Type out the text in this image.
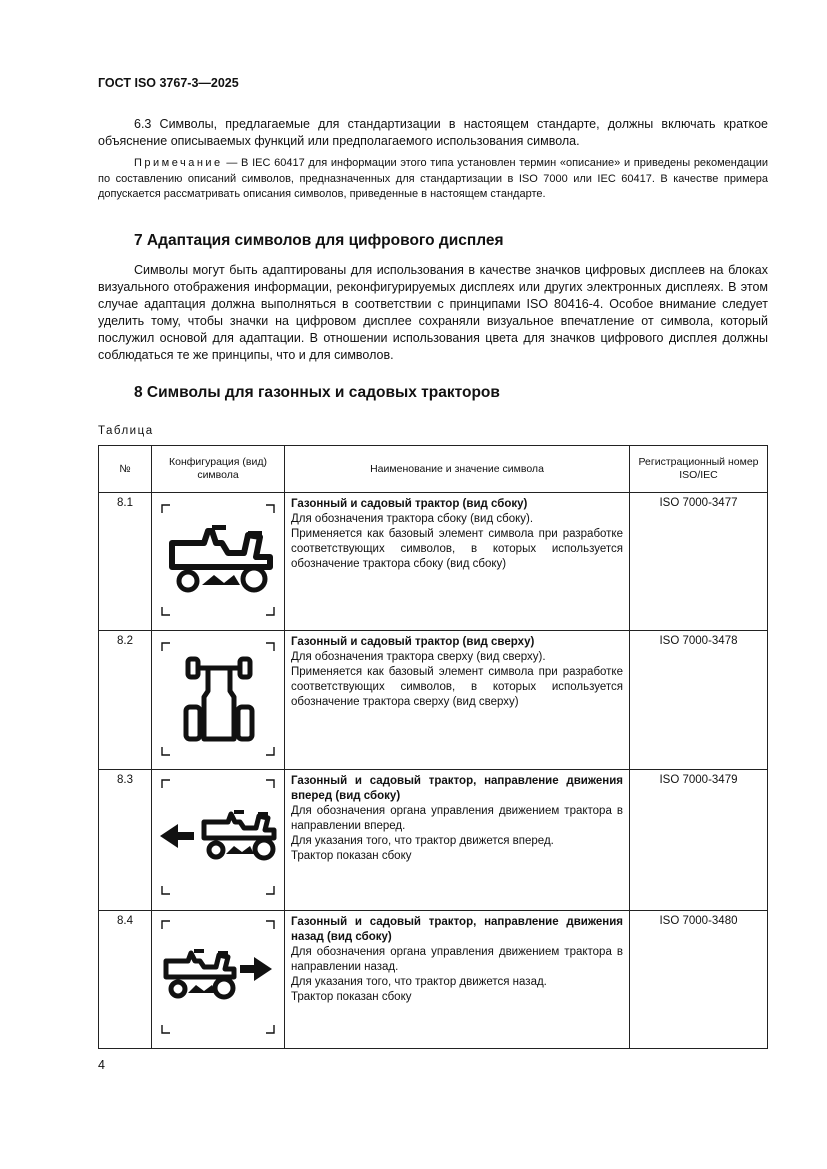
ГОСТ ISO 3767-3—2025
6.3 Символы, предлагаемые для стандартизации в настоящем стандарте, должны включать краткое объяснение описываемых функций или предполагаемого использования символа.
Примечание — В IEC 60417 для информации этого типа установлен термин «описание» и приведены рекомендации по составлению описаний символов, предназначенных для стандартизации в ISO 7000 или IEC 60417. В качестве примера допускается рассматривать описания символов, приведенные в настоящем стандарте.
7 Адаптация символов для цифрового дисплея
Символы могут быть адаптированы для использования в качестве значков цифровых дисплеев на блоках визуального отображения информации, реконфигурируемых дисплеях или других электронных дисплеях. В этом случае адаптация должна выполняться в соответствии с принципами ISO 80416-4. Особое внимание следует уделить тому, чтобы значки на цифровом дисплее сохраняли визуальное впечатление от символа, который послужил основой для адаптации. В отношении использования цвета для значков цифрового дисплея должны соблюдаться те же принципы, что и для символов.
8 Символы для газонных и садовых тракторов
Таблица
№	Конфигурация (вид) символа	Наименование и значение символа	Регистрационный номер ISO/IEC
8.1		Газонный и садовый трактор (вид сбоку)
Для обозначения трактора сбоку (вид сбоку).
Применяется как базовый элемент символа при разработке соответствующих символов, в которых используется обозначение трактора сбоку (вид сбоку)	ISO 7000-3477
8.2		Газонный и садовый трактор (вид сверху)
Для обозначения трактора сверху (вид сверху).
Применяется как базовый элемент символа при разработке соответствующих символов, в которых используется обозначение трактора сверху (вид сверху)	ISO 7000-3478
8.3		Газонный и садовый трактор, направление движения вперед (вид сбоку)
Для обозначения органа управления движением трактора в направлении вперед.
Для указания того, что трактор движется вперед.
Трактор показан сбоку	ISO 7000-3479
8.4		Газонный и садовый трактор, направление движения назад (вид сбоку)
Для обозначения органа управления движением трактора в направлении назад.
Для указания того, что трактор движется назад.
Трактор показан сбоку	ISO 7000-3480
4
